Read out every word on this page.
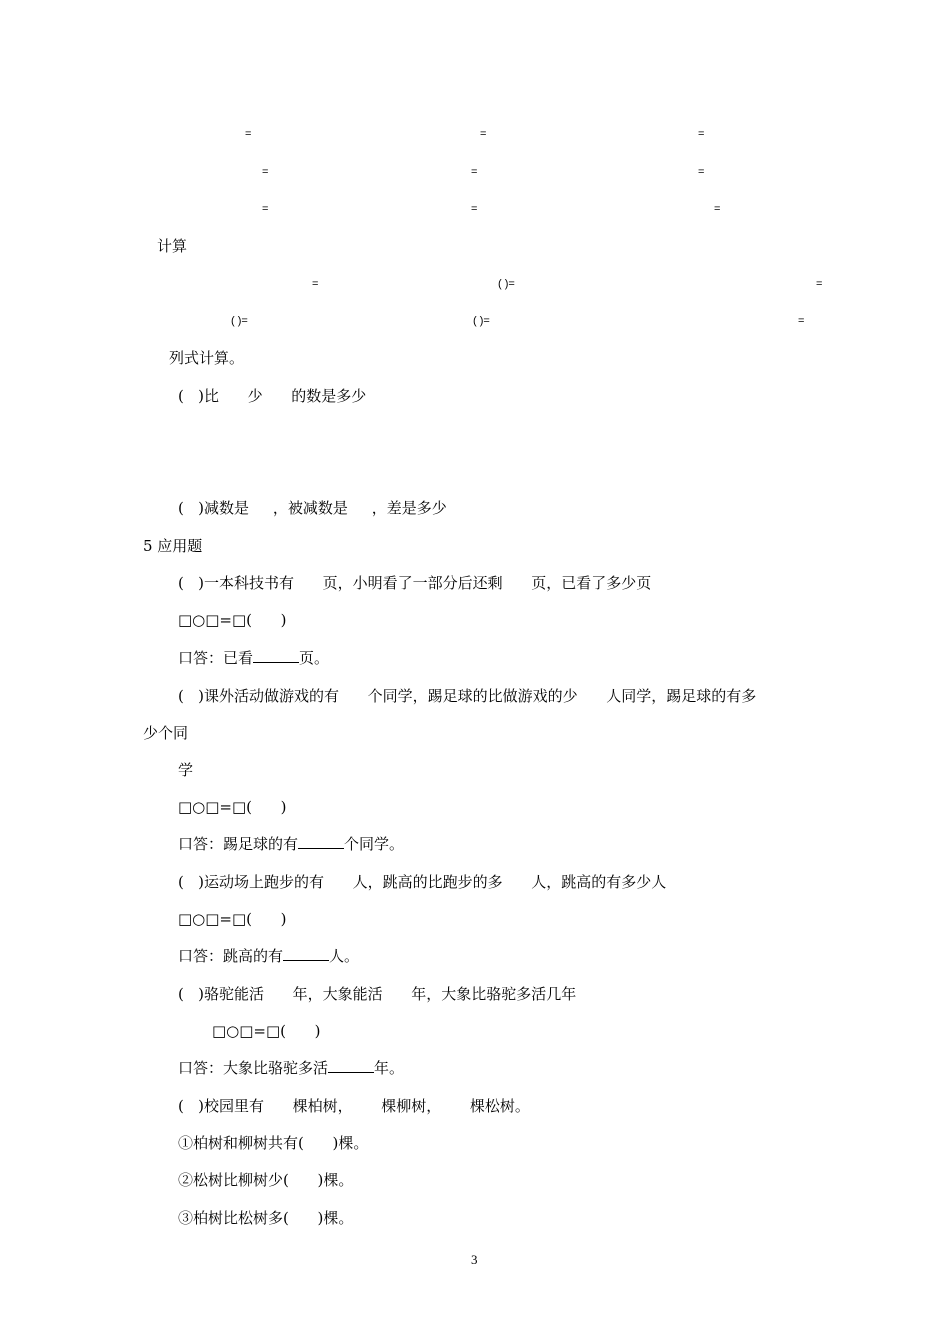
=	=	=
=	=	=
=	=	=
计算
=	( )=	=
( )=	( )=	=
列式计算。
(   )比      少      的数是多少
(   )减数是     ，被减数是     ，差是多少
5 应用题
(   )一本科技书有      页，小明看了一部分后还剩      页，已看了多少页
□○□=□(      )
口答：已看	页。
(   )课外活动做游戏的有      个同学，踢足球的比做游戏的少      人同学，踢足球的有多
少个同
学
□○□=□(      )
口答：踢足球的有	个同学。
(   )运动场上跑步的有      人，跳高的比跑步的多      人，跳高的有多少人
□○□=□(      )
口答：跳高的有	人。
(   )骆驼能活      年，大象能活      年，大象比骆驼多活几年
□○□=□(      )
口答：大象比骆驼多活	年。
(   )校园里有      棵柏树，      棵柳树，      棵松树。
①柏树和柳树共有(      )棵。
②松树比柳树少(      )棵。
③柏树比松树多(      )棵。
3
